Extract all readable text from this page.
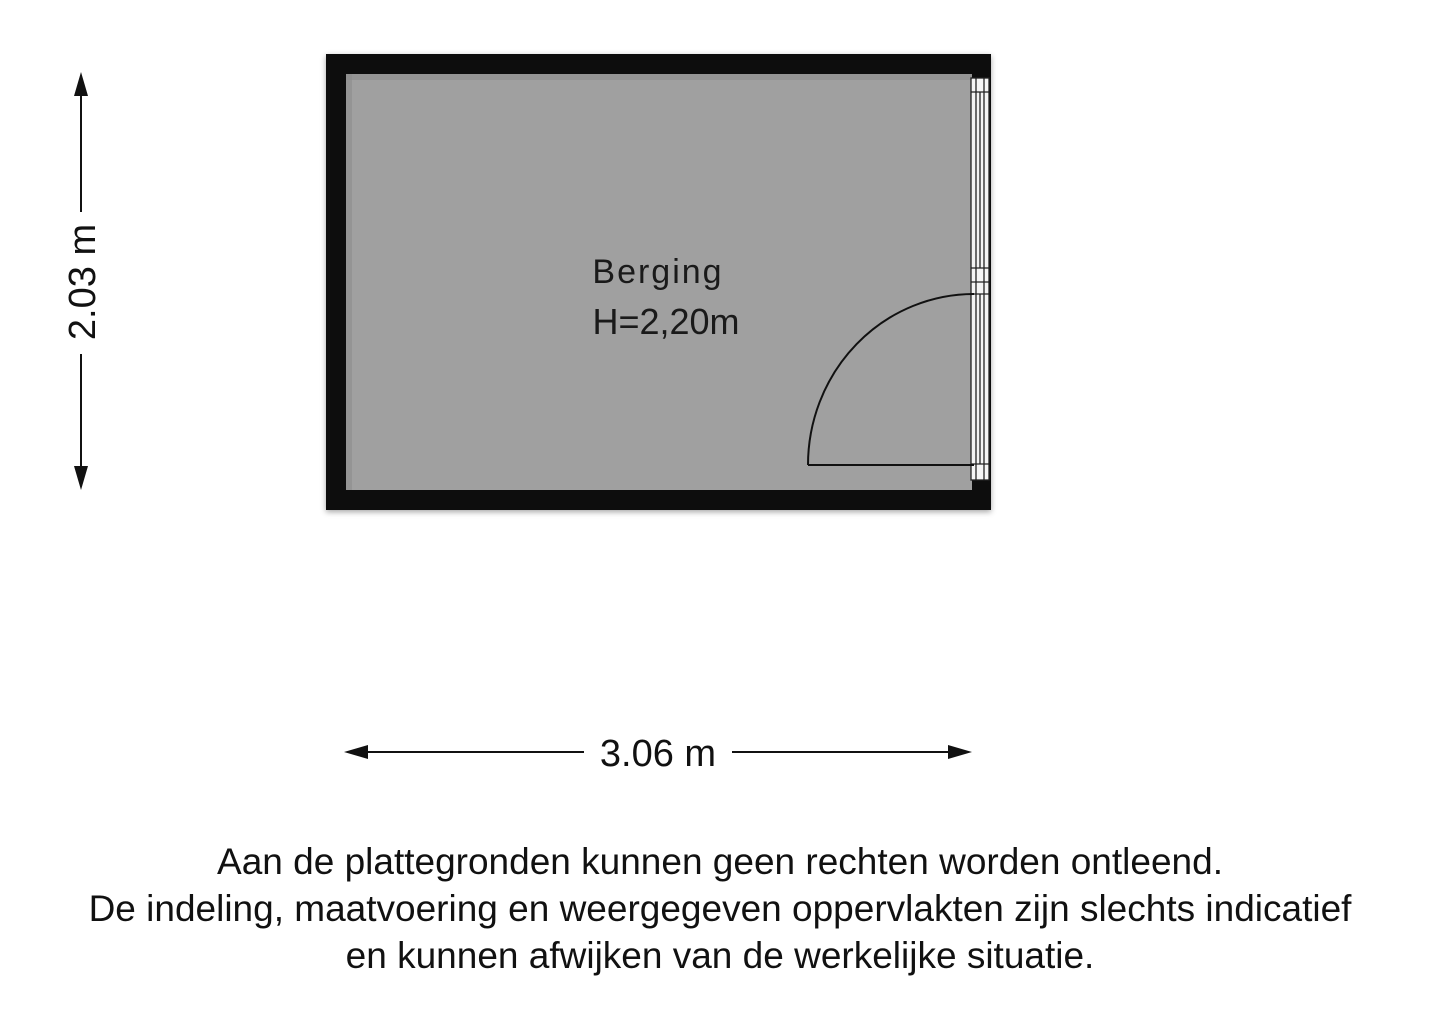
2.03 m	Berging
H=2,20m
3.06 m
Aan de plattegronden kunnen geen rechten worden ontleend.
De indeling, maatvoering en weergegeven oppervlakten zijn slechts indicatief
en kunnen afwijken van de werkelijke situatie.
